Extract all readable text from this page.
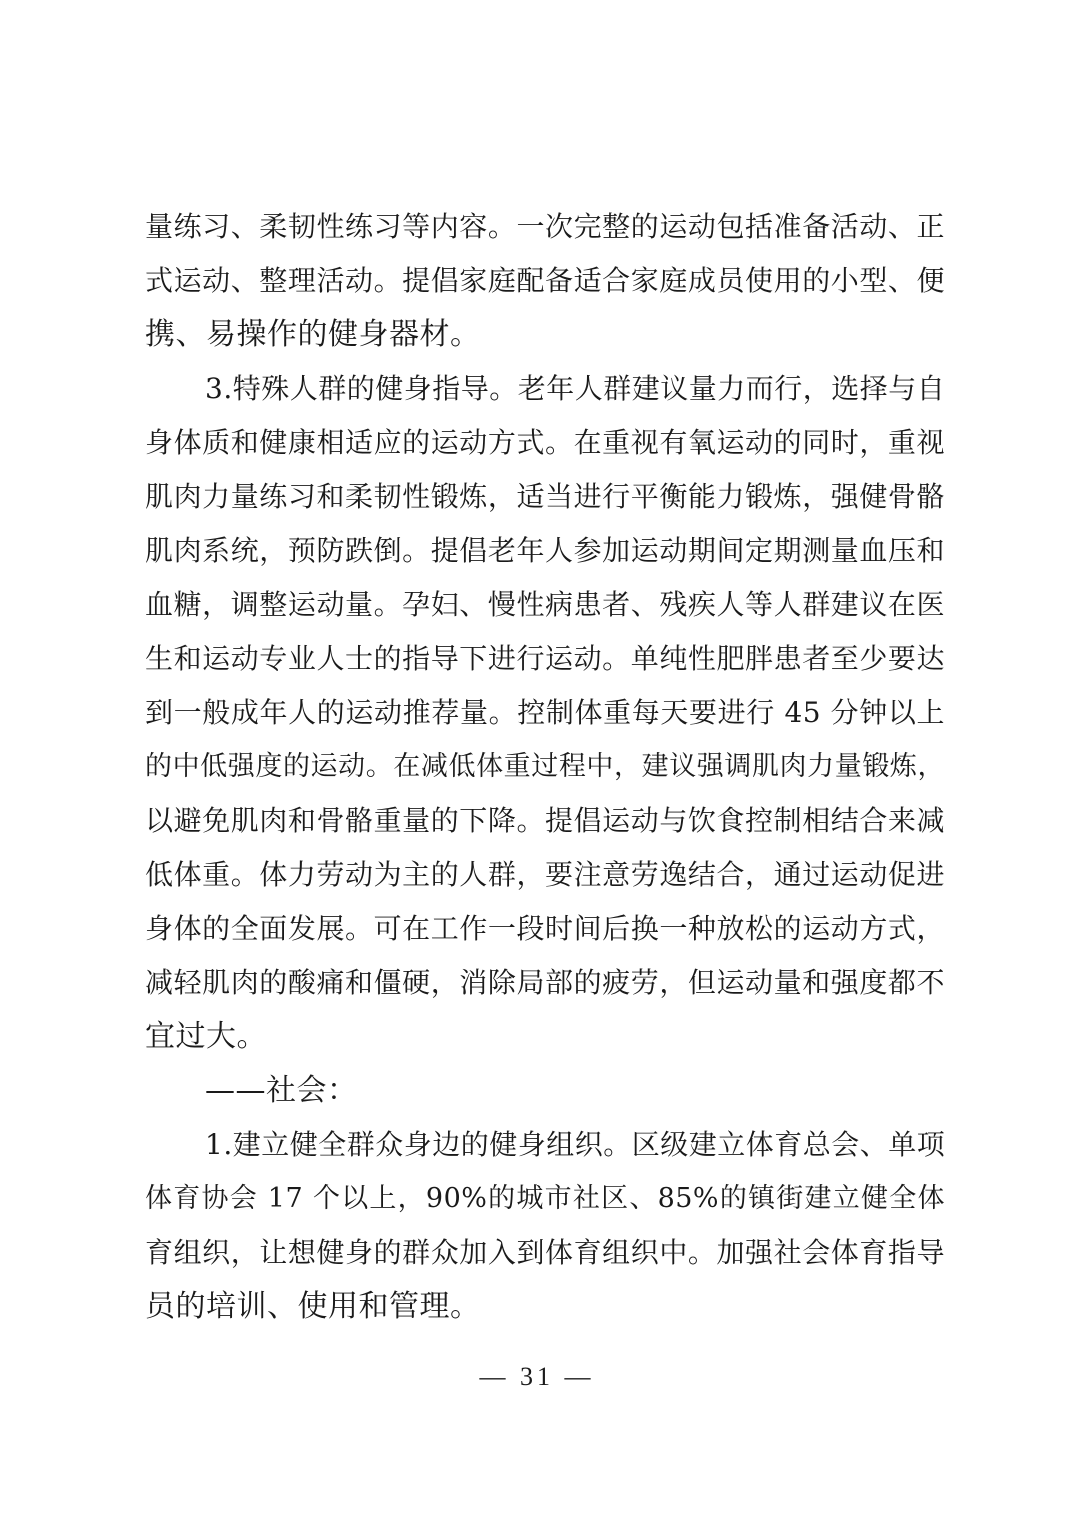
量练习、柔韧性练习等内容。一次完整的运动包括准备活动、正
式运动、整理活动。提倡家庭配备适合家庭成员使用的小型、便
携、易操作的健身器材。
3.特殊人群的健身指导。老年人群建议量力而行，选择与自
身体质和健康相适应的运动方式。在重视有氧运动的同时，重视
肌肉力量练习和柔韧性锻炼，适当进行平衡能力锻炼，强健骨骼
肌肉系统，预防跌倒。提倡老年人参加运动期间定期测量血压和
血糖，调整运动量。孕妇、慢性病患者、残疾人等人群建议在医
生和运动专业人士的指导下进行运动。单纯性肥胖患者至少要达
到一般成年人的运动推荐量。控制体重每天要进行 45 分钟以上
的中低强度的运动。在减低体重过程中，建议强调肌肉力量锻炼，
以避免肌肉和骨骼重量的下降。提倡运动与饮食控制相结合来减
低体重。体力劳动为主的人群，要注意劳逸结合，通过运动促进
身体的全面发展。可在工作一段时间后换一种放松的运动方式，
减轻肌肉的酸痛和僵硬，消除局部的疲劳，但运动量和强度都不
宜过大。
——社会：
1.建立健全群众身边的健身组织。区级建立体育总会、单项
体育协会 17 个以上，90%的城市社区、85%的镇街建立健全体
育组织，让想健身的群众加入到体育组织中。加强社会体育指导
员的培训、使用和管理。
— 31 —
